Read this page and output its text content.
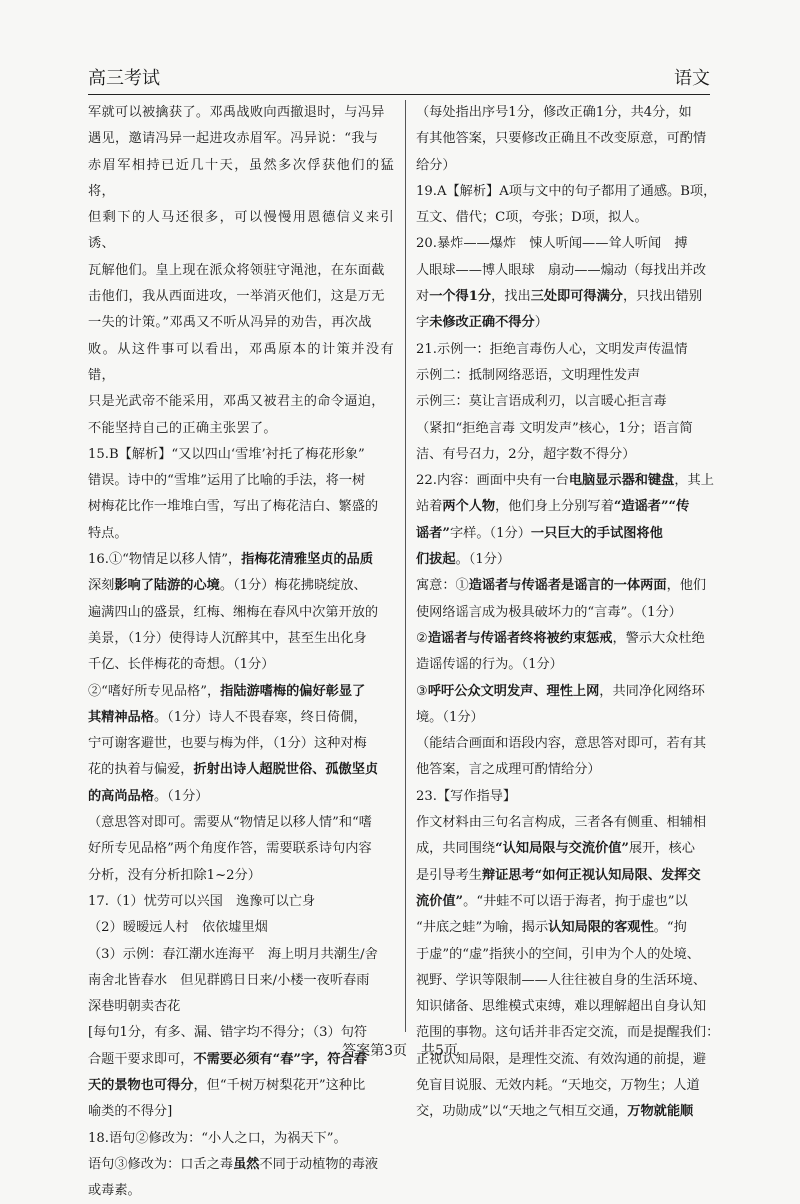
高三考试	语文

军就可以被擒获了。邓禹战败向西撤退时，与冯异

遇见，邀请冯异一起进攻赤眉军。冯异说：“我与

赤眉军相持已近几十天，虽然多次俘获他们的猛将，

但剩下的人马还很多，可以慢慢用恩德信义来引诱、

瓦解他们。皇上现在派众将领驻守渑池，在东面截

击他们，我从西面进攻，一举消灭他们，这是万无

一失的计策。”邓禹又不听从冯异的劝告，再次战

败。从这件事可以看出，邓禹原本的计策并没有错，

只是光武帝不能采用，邓禹又被君主的命令逼迫，

不能坚持自己的正确主张罢了。

15.B【解析】“又以四山‘雪堆’衬托了梅花形象”

错误。诗中的“雪堆”运用了比喻的手法，将一树

树梅花比作一堆堆白雪，写出了梅花洁白、繁盛的

特点。

16.①“物情足以移人情”，指梅花清雅坚贞的品质

深刻影响了陆游的心境。（1分）梅花拂晓绽放、

遍满四山的盛景，红梅、缃梅在春风中次第开放的

美景，（1分）使得诗人沉醉其中，甚至生出化身

千亿、长伴梅花的奇想。（1分）

②“嗜好所专见品格”，指陆游嗜梅的偏好彰显了

其精神品格。（1分）诗人不畏春寒，终日倚僩，

宁可谢客避世，也要与梅为伴，（1分）这种对梅

花的执着与偏爱，折射出诗人超脱世俗、孤傲坚贞

的高尚品格。（1分）

（意思答对即可。需要从“物情足以移人情”和“嗜

好所专见品格”两个角度作答，需要联系诗句内容

分析，没有分析扣除1~2分）

17.（1）忧劳可以兴国　逸豫可以亡身

（2）暧暧远人村　依依墟里烟

（3）示例：春江潮水连海平　海上明月共潮生/舍

南舍北皆春水　但见群鸥日日来/小楼一夜听春雨

深巷明朝卖杏花

[每句1分，有多、漏、错字均不得分；（3）句符

合题干要求即可，不需要必须有“春”字，符合春

天的景物也可得分，但“千树万树梨花开”这种比

喻类的不得分]

18.语句②修改为：“小人之口，为祸天下”。

语句③修改为：口舌之毒虽然不同于动植物的毒液

或毒素。

（每处指出序号1分，修改正确1分，共4分，如

有其他答案，只要修改正确且不改变原意，可酌情

给分）

19.A【解析】A项与文中的句子都用了通感。B项，

互文、借代；C项，夸张；D项，拟人。

20.暴炸——爆炸　悚人听闻——耸人听闻　搏

人眼球——博人眼球　扇动——煽动（每找出并改

对一个得1分，找出三处即可得满分，只找出错别

字未修改正确不得分）

21.示例一：拒绝言毒伤人心，文明发声传温情

示例二：抵制网络恶语，文明理性发声

示例三：莫让言语成利刃，以言暖心拒言毒

（紧扣“拒绝言毒 文明发声”核心，1分；语言简

洁、有号召力，2分，超字数不得分）

22.内容：画面中央有一台电脑显示器和键盘，其上

站着两个人物，他们身上分别写着“造谣者”“传

谣者”字样。（1分）一只巨大的手试图将他

们拔起。（1分）

寓意：①造谣者与传谣者是谣言的一体两面，他们

使网络谣言成为极具破坏力的“言毒”。（1分）

②造谣者与传谣者终将被约束惩戒，警示大众杜绝

造谣传谣的行为。（1分）

③呼吁公众文明发声、理性上网，共同净化网络环

境。（1分）

（能结合画面和语段内容，意思答对即可，若有其

他答案，言之成理可酌情给分）

23.【写作指导】

作文材料由三句名言构成，三者各有侧重、相辅相

成，共同围绕“认知局限与交流价值”展开，核心

是引导考生辩证思考“如何正视认知局限、发挥交

流价值”。“井蛙不可以语于海者，拘于虚也”以

“井底之蛙”为喻，揭示认知局限的客观性。“拘

于虚”的“虚”指狭小的空间，引申为个人的处境、

视野、学识等限制——人往往被自身的生活环境、

知识储备、思维模式束缚，难以理解超出自身认知

范围的事物。这句话并非否定交流，而是提醒我们：

正视认知局限，是理性交流、有效沟通的前提，避

免盲目说服、无效内耗。“天地交，万物生；人道

交，功勋成”以“天地之气相互交通，万物就能顺

答案第3页　共5页
